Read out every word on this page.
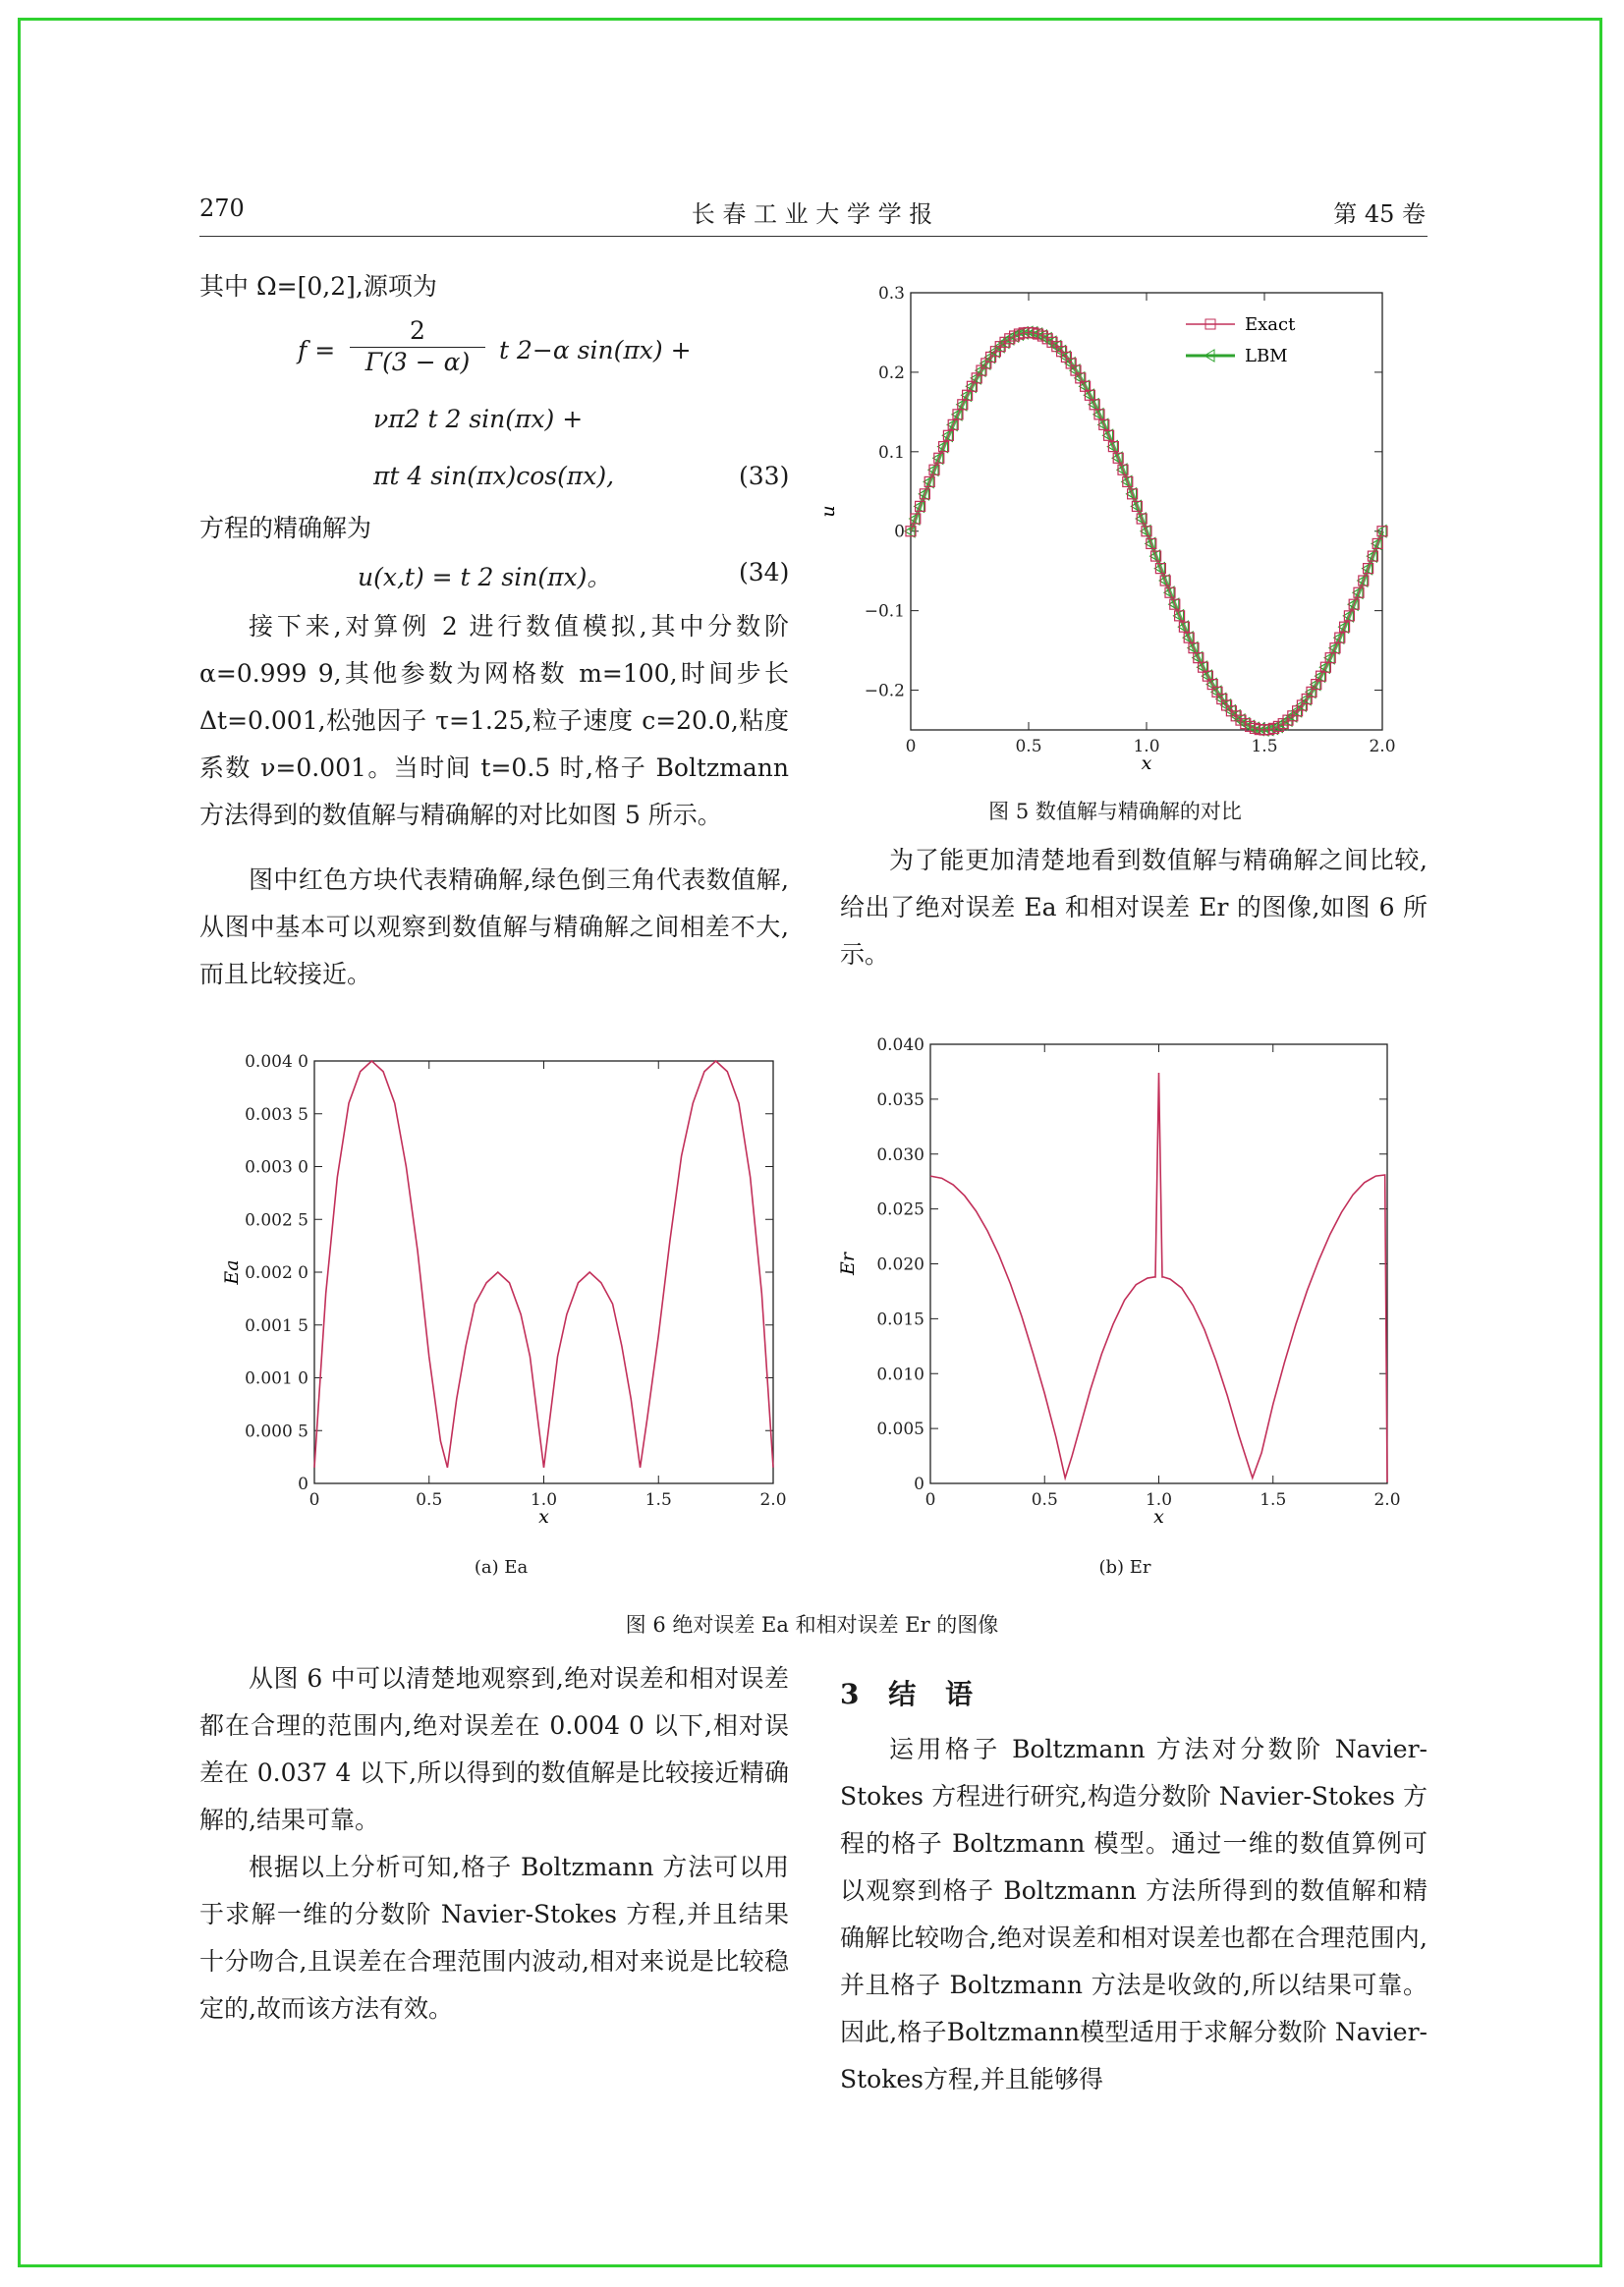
270	长 春 工 业 大 学 学 报	第 45 卷
其中 Ω=[0,2],源项为
f =
2
Γ(3 − α)	t 2−α sin(πx) +
νπ2 t 2 sin(πx) +
πt 4 sin(πx)cos(πx),	(33)
方程的精确解为
u(x,t) = t 2 sin(πx)。	(34)

接下来,对算例 2 进行数值模拟,其中分数阶 α=0.999 9,其他参数为网格数 m=100,时间步长 Δt=0.001,松弛因子 τ=1.25,粒子速度 c=20.0,粘度系数 ν=0.001。当时间 t=0.5 时,格子 Boltzmann 方法得到的数值解与精确解的对比如图 5 所示。

图中红色方块代表精确解,绿色倒三角代表数值解,从图中基本可以观察到数值解与精确解之间相差不大,而且比较接近。

0	0.5	1.0	1.5	2.0
0.3
0.2
0.1
0
−0.1
−0.2
x
u
Exact
LBM
图 5 数值解与精确解的对比

为了能更加清楚地看到数值解与精确解之间比较,给出了绝对误差 Ea 和相对误差 Er 的图像,如图 6 所示。

0	0.5	1.0	1.5	2.0
0.004 0
0.003 5
0.003 0
0.002 5
0.002 0
0.001 5
0.001 0
0.000 5
0
x
Ea
0	0.5	1.0	1.5	2.0
0.040
0.035
0.030
0.025
0.020
0.015
0.010
0.005
0
x
Er
(a) Ea	(b) Er
图 6 绝对误差 Ea 和相对误差 Er 的图像

从图 6 中可以清楚地观察到,绝对误差和相对误差都在合理的范围内,绝对误差在 0.004 0 以下,相对误差在 0.037 4 以下,所以得到的数值解是比较接近精确解的,结果可靠。

根据以上分析可知,格子 Boltzmann 方法可以用于求解一维的分数阶 Navier-Stokes 方程,并且结果十分吻合,且误差在合理范围内波动,相对来说是比较稳定的,故而该方法有效。

3 结 语

运用格子 Boltzmann 方法对分数阶 Navier-Stokes 方程进行研究,构造分数阶 Navier-Stokes 方程的格子 Boltzmann 模型。通过一维的数值算例可以观察到格子 Boltzmann 方法所得到的数值解和精确解比较吻合,绝对误差和相对误差也都在合理范围内,并且格子 Boltzmann 方法是收敛的,所以结果可靠。因此,格子Boltzmann模型适用于求解分数阶 Navier-Stokes方程,并且能够得
